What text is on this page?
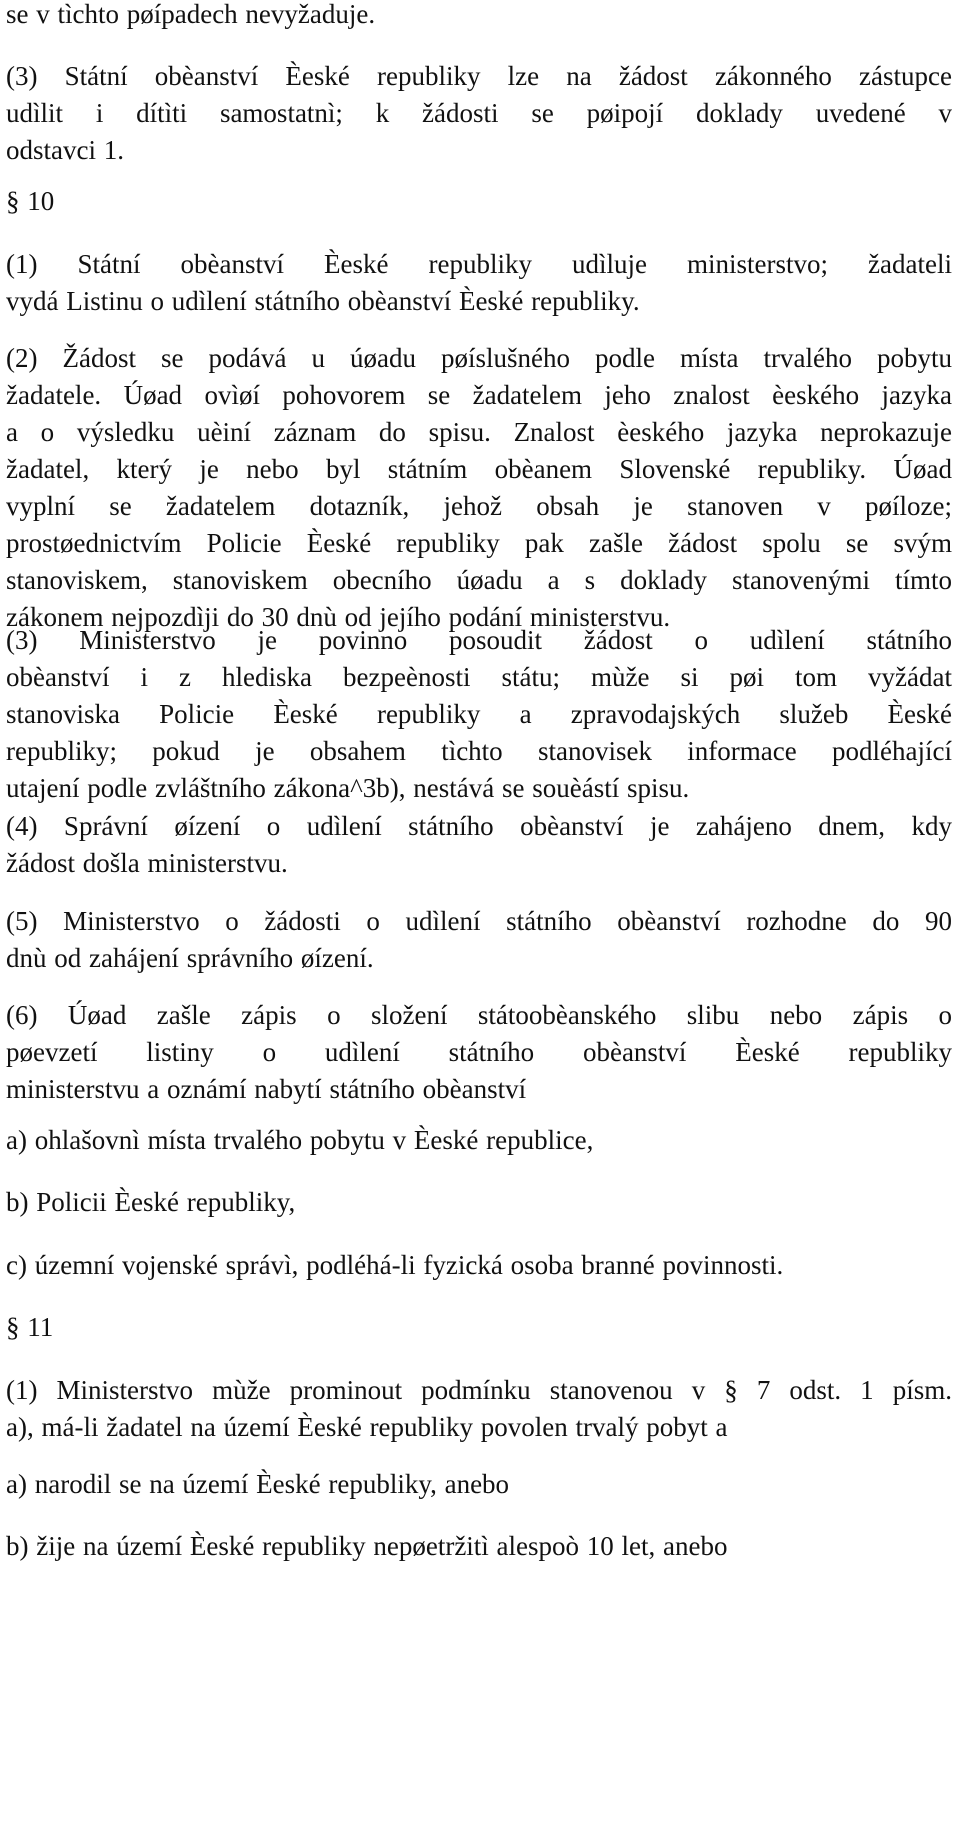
se v tìchto pøípadech nevyžaduje.

(3) Státní obèanství Èeské republiky lze na žádost zákonného zástupce
udìlit i dítìti samostatnì; k žádosti se pøipojí doklady uvedené v
odstavci 1.

§ 10

(1) Státní obèanství Èeské republiky udìluje ministerstvo; žadateli
vydá Listinu o udìlení státního obèanství Èeské republiky.

(2) Žádost se podává u úøadu pøíslušného podle místa trvalého pobytu
žadatele. Úøad ovìøí pohovorem se žadatelem jeho znalost èeského jazyka
a o výsledku uèiní záznam do spisu. Znalost èeského jazyka neprokazuje
žadatel, který je nebo byl státním obèanem Slovenské republiky. Úøad
vyplní se žadatelem dotazník, jehož obsah je stanoven v pøíloze;
prostøednictvím Policie Èeské republiky pak zašle žádost spolu se svým
stanoviskem, stanoviskem obecního úøadu a s doklady stanovenými tímto
zákonem nejpozdìji do 30 dnù od jejího podání ministerstvu.

(3) Ministerstvo je povinno posoudit žádost o udìlení státního
obèanství i z hlediska bezpeènosti státu; mùže si pøi tom vyžádat
stanoviska Policie Èeské republiky a zpravodajských služeb Èeské
republiky; pokud je obsahem tìchto stanovisek informace podléhající
utajení podle zvláštního zákona^3b), nestává se souèástí spisu.

(4) Správní øízení o udìlení státního obèanství je zahájeno dnem, kdy
žádost došla ministerstvu.

(5) Ministerstvo o žádosti o udìlení státního obèanství rozhodne do 90
dnù od zahájení správního øízení.

(6) Úøad zašle zápis o složení státoobèanského slibu nebo zápis o
pøevzetí listiny o udìlení státního obèanství Èeské republiky
ministerstvu a oznámí nabytí státního obèanství

a) ohlašovnì místa trvalého pobytu v Èeské republice,

b) Policii Èeské republiky,

c) územní vojenské správì, podléhá-li fyzická osoba branné povinnosti.

§ 11

(1) Ministerstvo mùže prominout podmínku stanovenou v § 7 odst. 1 písm.
a), má-li žadatel na území Èeské republiky povolen trvalý pobyt a

a) narodil se na území Èeské republiky, anebo

b) žije na území Èeské republiky nepøetržitì alespoò 10 let, anebo
